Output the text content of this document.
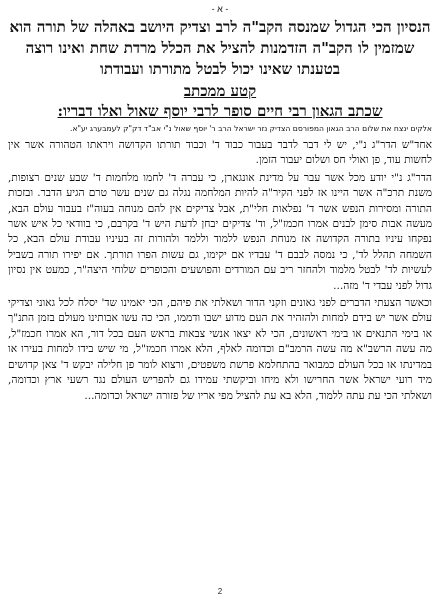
- א -
הנסיון הכי הגדול שמנסה הקב"ה לרב וצדיק היושב באהלה של תורה הוא שמזמין לו הקב"ה הזדמנות להציל את הכלל מרדת שחת ואינו רוצה בטענתו שאינו יכול לבטל מתורתו ועבודתו
קטע ממכתב
שכתב הגאון רבי חיים סופר לרבי יוסף שאול ואלו דבריו:
אלקים ינצח את שלום הרב הגאון המפורסם הצדיק נזר ישראל הרב ר' יוסף שאול נ"י אב"ד דק"ק לעמבערג יע"א.
אחד"ש הדר"ג נ"י, יש לי דבר לדבר בעבור כבוד ד' וכבוד תורתו הקדושה ויראתו הטהורה אשר אין לחשות עוד, פן ואולי חס ושלום יעבור הזמן.
הדר"ג נ"י יודע מכל אשר עבר על מדינת אונגארן, כי עברה ד' לחמו מלחמות ד' שבע שנים רצופות, משנת תרכ"ה אשר היינו אז לפני הקיר"ה להיות המלחמה נגלה גם שנים עשר טרם הגיע הדבר. ובזכות התורה ומסירות הנפש אשר ד' נפלאות חלי"ת, אבל צדיקים אין להם מנוחה בעוה"ז בעבור עולם הבא, מעשה אבות סימן לבנים אמרו חכמז"ל, וד' צדיקים יבחן לדעת היש ד' בקרבם, כי בוודאי כל איש אשר נפקחו עיניו בתורה הקדושה אז מנוחת הנפש ללמוד וללמד ולהורות זה בעיניו עבודת עולם הבא, כל השמחה תהלל לד', כי נמסה לבבם ד' עבדיו אם יקימו, גם עשות הפרו תורתך. אם יפירו תורה בשביל לעשיות לד' לבטל מלמוד ולהחזר ריב עם המורדים והפושעים והכופרים שלוחי היצה"ר, כמעט אין נסיון גדול לפני עבדי ד' מזה...
וכאשר הצעתי הדברים לפני גאונים וזקני הדור ושאלתי את פיהם, הכי יאמינו שד' יסלח לכל גאוני וצדיקי עולם אשר יש בידם למחות ולהזהיר את העם מדוע ישבו ודממו, הכי כה עשו אבותינו מעולם בזמן התנ"ך או בימי התנאים או בימי ראשונים, הכי לא יצאו אנשי צבאות בראש העם בכל דור, הא אמרו חכמז"ל, מה עשה הרשב"א מה עשה הרמב"ם וכדומה לאלף, הלא אמרו חכמז"ל, מי שיש בידו למחות בעירו או במדינתו או בכל העולם כמבואר בהתחלמא פרשת משפטים, ורצוא לומר פן חלילה יבקש ד' צאן קדושים מיד רועי ישראל אשר החרישו ולא מיחו וביקשתי עמידו גם להפריש העולם נגד רשעי ארץ וכדומה, ושאלתי הכי עת עתה ללמוד, הלא בא עת להציל מפי אריו של פזורה ישראל וכדומה...
2
